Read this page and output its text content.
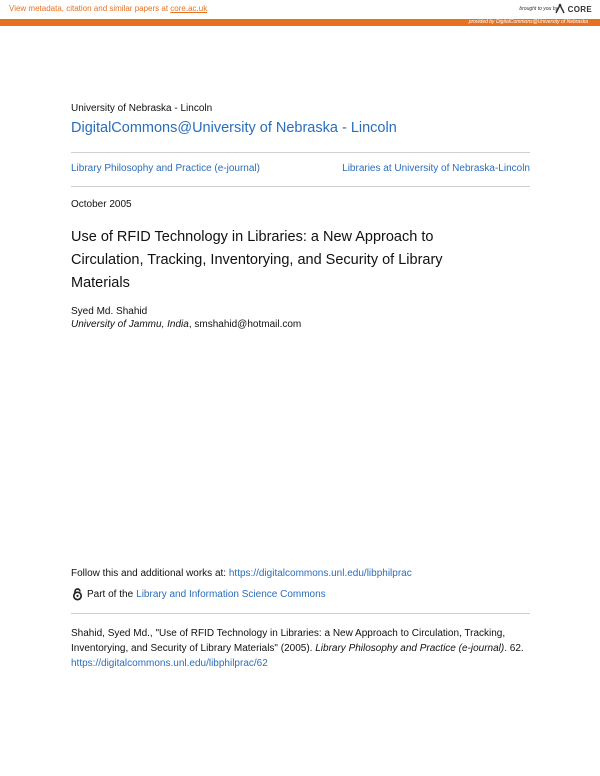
View metadata, citation and similar papers at core.ac.uk	brought to you by CORE
provided by DigitalCommons@University of Nebraska
University of Nebraska - Lincoln
DigitalCommons@University of Nebraska - Lincoln
Library Philosophy and Practice (e-journal)	Libraries at University of Nebraska-Lincoln
October 2005
Use of RFID Technology in Libraries: a New Approach to Circulation, Tracking, Inventorying, and Security of Library Materials
Syed Md. Shahid
University of Jammu, India, smshahid@hotmail.com
Follow this and additional works at: https://digitalcommons.unl.edu/libphilprac
Part of the Library and Information Science Commons
Shahid, Syed Md., "Use of RFID Technology in Libraries: a New Approach to Circulation, Tracking, Inventorying, and Security of Library Materials" (2005). Library Philosophy and Practice (e-journal). 62.
https://digitalcommons.unl.edu/libphilprac/62
